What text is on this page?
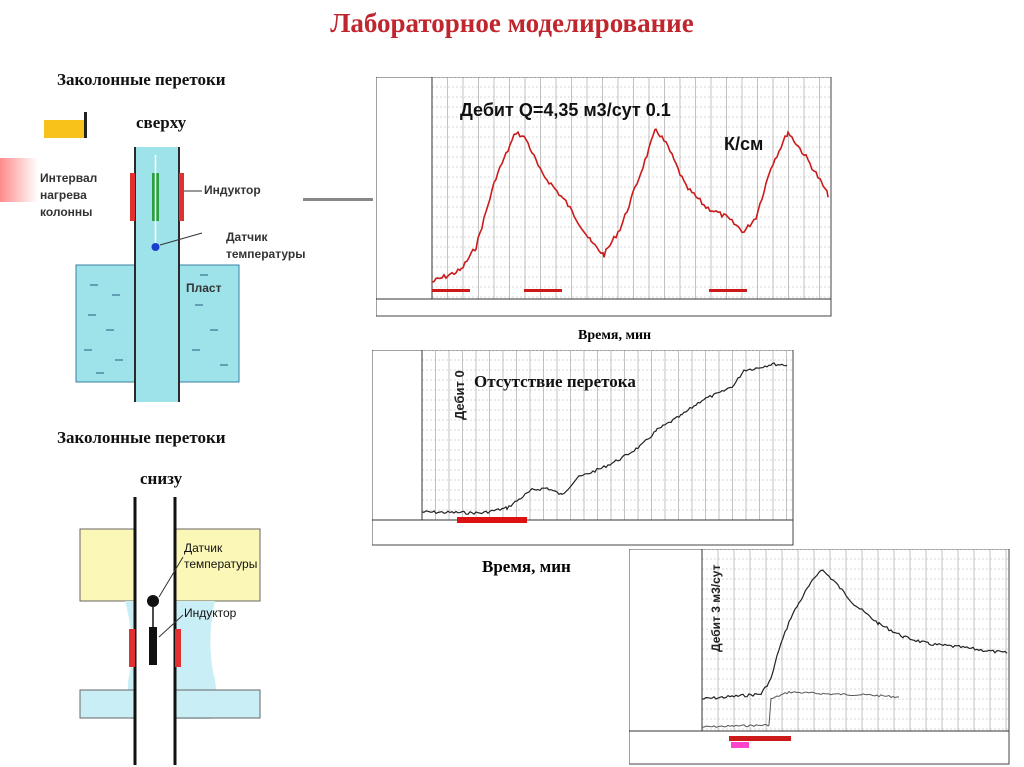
Лабораторное моделирование
Заколонные перетоки
сверху
Интервал нагрева колонны
Индуктор
Датчик температуры
Пласт
Заколонные перетоки
снизу
Датчик температуры
Индуктор
Дебит Q=4,35 м3/сут 0.1
К/см
Время, мин
Отсутствие перетока
Дебит 0
Время, мин	Дебит 3 м3/сут
